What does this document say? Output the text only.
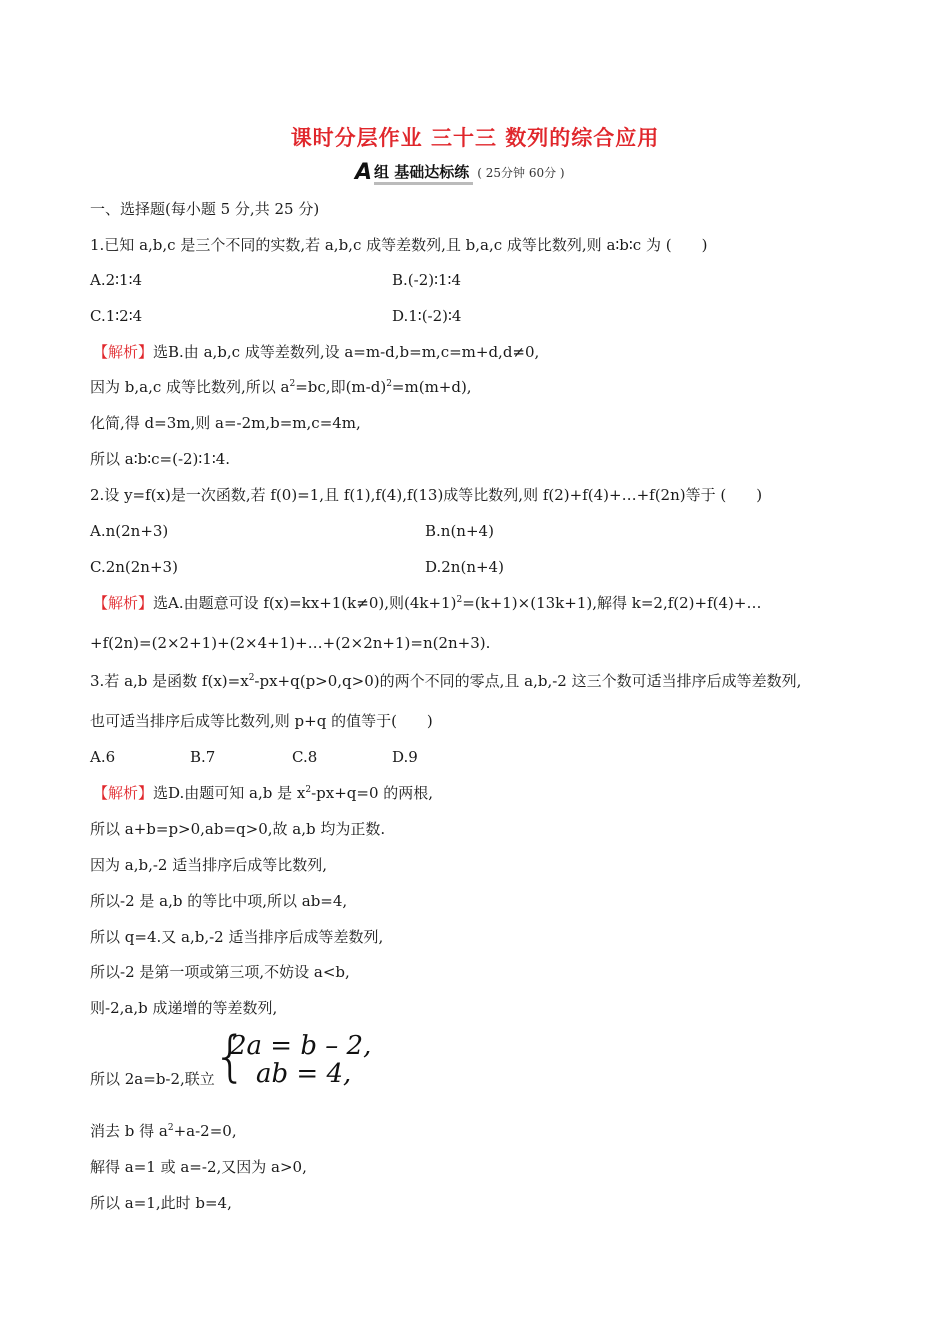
课时分层作业 三十三 数列的综合应用
A 组 基础达标练 ( 25分钟 60分 )
一、选择题(每小题 5 分,共 25 分)
1.已知 a,b,c 是三个不同的实数,若 a,b,c 成等差数列,且 b,a,c 成等比数列,则 a∶b∶c 为 (　　)
A.2∶1∶4	B.(-2)∶1∶4
C.1∶2∶4	D.1∶(-2)∶4
【解析】选B.由 a,b,c 成等差数列,设 a=m-d,b=m,c=m+d,d≠0,
因为 b,a,c 成等比数列,所以 $a^2=bc$,即$(m-d)^2=m(m+d)$,
化简,得 d=3m,则 a=-2m,b=m,c=4m,
所以 a∶b∶c=(-2)∶1∶4.
2.设 y=f(x)是一次函数,若 f(0)=1,且 f(1),f(4),f(13)成等比数列,则 f(2)+f(4)+…+f(2n)等于 (　　)
A.n(2n+3)	B.n(n+4)
C.2n(2n+3)	D.2n(n+4)
【解析】选A.由题意可设 f(x)=kx+1(k≠0),则$(4k+1)^2=(k+1)\times(13k+1)$,解得 k=2,f(2)+f(4)+…
+f(2n)=(2×2+1)+(2×4+1)+…+(2×2n+1)=n(2n+3).
3.若 a,b 是函数 $f(x)=x^2-px+q(p>0,q>0)$的两个不同的零点,且 a,b,-2 这三个数可适当排序后成等差数列,
也可适当排序后成等比数列,则 p+q 的值等于(　　)
A.6	B.7	C.8	D.9
【解析】选D.由题可知 a,b 是 $x^2-px+q=0$ 的两根,
所以 a+b=p>0,ab=q>0,故 a,b 均为正数.
因为 a,b,-2 适当排序后成等比数列,
所以-2 是 a,b 的等比中项,所以 ab=4,
所以 q=4.又 a,b,-2 适当排序后成等差数列,
所以-2 是第一项或第三项,不妨设 a<b,
则-2,a,b 成递增的等差数列,
所以 2a=b-2,联立
{
2a = b – 2,
ab = 4,
消去 b 得 $a^2+a-2=0$,
解得 a=1 或 a=-2,又因为 a>0,
所以 a=1,此时 b=4,
